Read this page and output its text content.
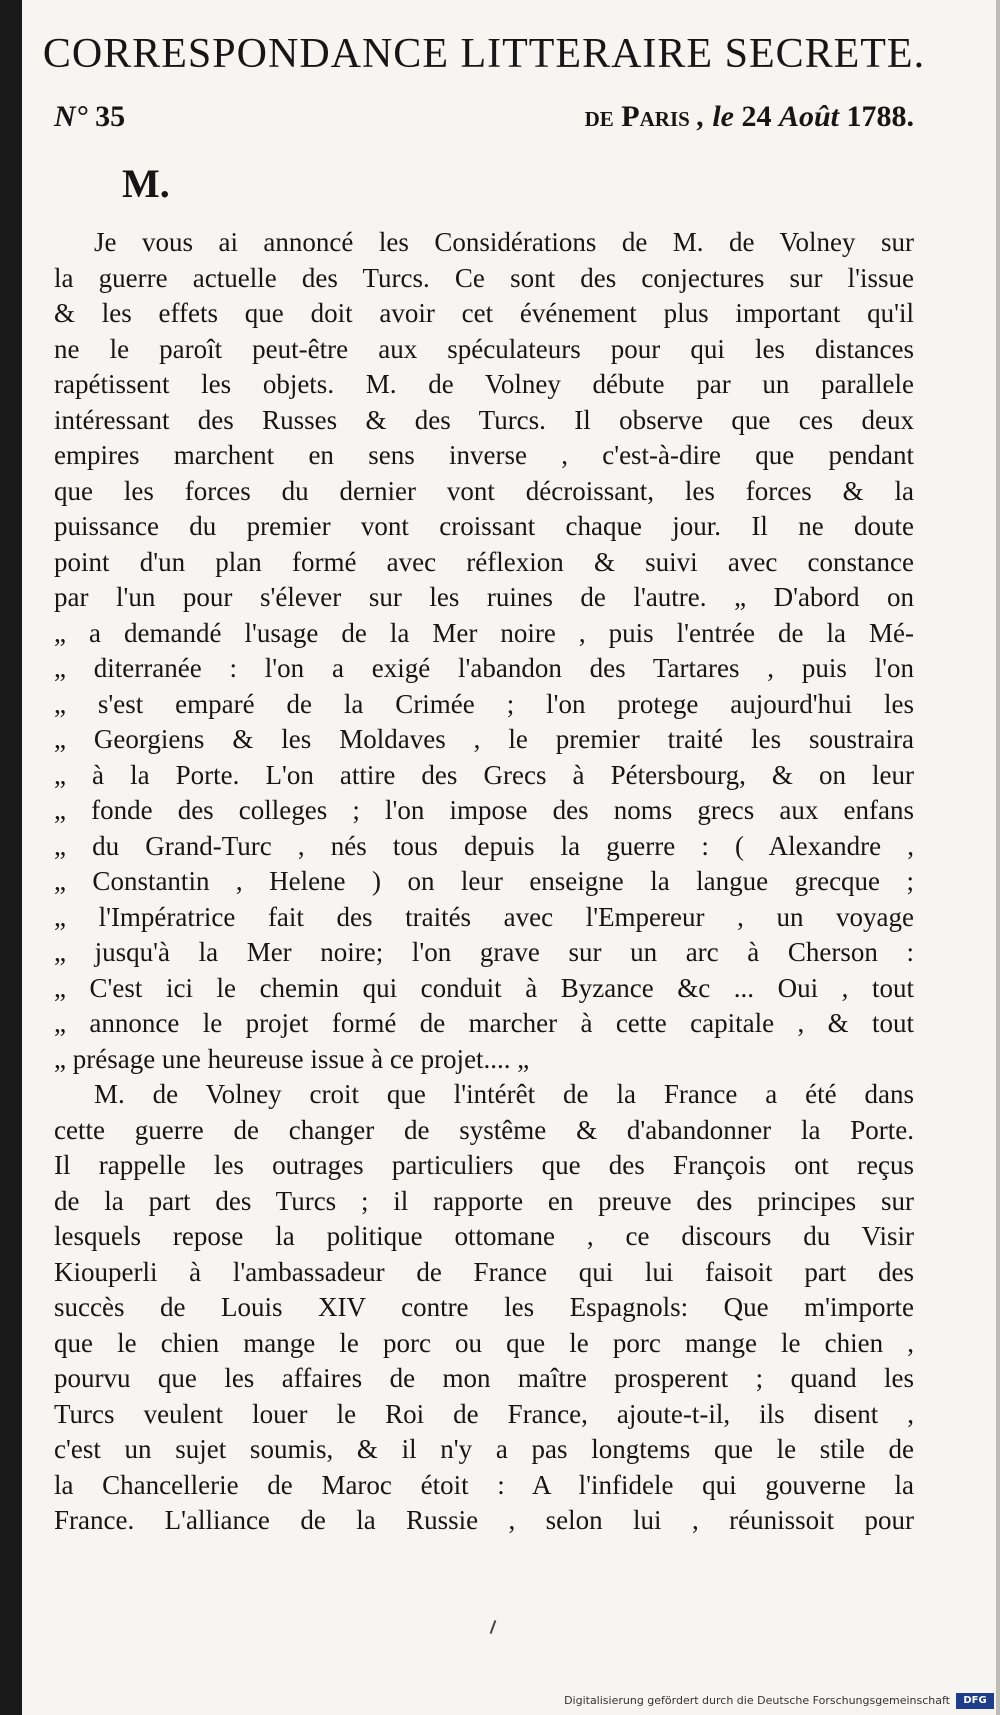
CORRESPONDANCE LITTERAIRE SECRETE.
N° 35	de Paris , le 24 Août 1788.
M.
Je vous ai annoncé les Considérations de M. de Volney sur
la guerre actuelle des Turcs. Ce sont des conjectures sur l'issue
& les effets que doit avoir cet événement plus important qu'il
ne le paroît peut-être aux spéculateurs pour qui les distances
rapétissent les objets. M. de Volney débute par un parallele
intéressant des Russes & des Turcs. Il observe que ces deux
empires marchent en sens inverse , c'est-à-dire que pendant
que les forces du dernier vont décroissant, les forces & la
puissance du premier vont croissant chaque jour. Il ne doute
point d'un plan formé avec réflexion & suivi avec constance
par l'un pour s'élever sur les ruines de l'autre. „ D'abord on
„ a demandé l'usage de la Mer noire , puis l'entrée de la Mé-
„ diterranée : l'on a exigé l'abandon des Tartares , puis l'on
„ s'est emparé de la Crimée ; l'on protege aujourd'hui les
„ Georgiens & les Moldaves , le premier traité les soustraira
„ à la Porte. L'on attire des Grecs à Pétersbourg, & on leur
„ fonde des colleges ; l'on impose des noms grecs aux enfans
„ du Grand-Turc , nés tous depuis la guerre : ( Alexandre ,
„ Constantin , Helene ) on leur enseigne la langue grecque ;
„ l'Impératrice fait des traités avec l'Empereur , un voyage
„ jusqu'à la Mer noire; l'on grave sur un arc à Cherson :
„ C'est ici le chemin qui conduit à Byzance &c ... Oui , tout
„ annonce le projet formé de marcher à cette capitale , & tout
„ présage une heureuse issue à ce projet.... „
M. de Volney croit que l'intérêt de la France a été dans
cette guerre de changer de systême & d'abandonner la Porte.
Il rappelle les outrages particuliers que des François ont reçus
de la part des Turcs ; il rapporte en preuve des principes sur
lesquels repose la politique ottomane , ce discours du Visir
Kiouperli à l'ambassadeur de France qui lui faisoit part des
succès de Louis XIV contre les Espagnols: Que m'importe
que le chien mange le porc ou que le porc mange le chien ,
pourvu que les affaires de mon maître prosperent ; quand les
Turcs veulent louer le Roi de France, ajoute-t-il, ils disent ,
c'est un sujet soumis, & il n'y a pas longtems que le stile de
la Chancellerie de Maroc étoit : A l'infidele qui gouverne la
France. L'alliance de la Russie , selon lui , réunissoit pour
Digitalisierung gefördert durch die Deutsche Forschungsgemeinschaft	DFG
